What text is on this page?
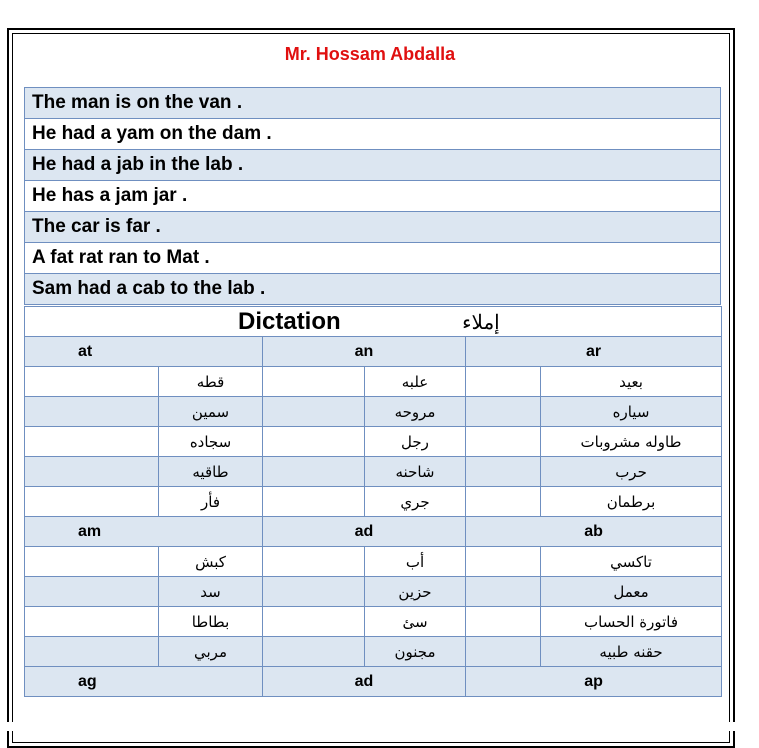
Mr. Hossam Abdalla
The man is on the van .
He had a yam on the dam .
He had a jab in the lab .
He has a jam jar .
The car is far .
A fat rat ran to Mat .
Sam had a cab to the lab .
Dictation إملاء					
at		an		ar	
	قطه		علبه		بعيد
	سمين		مروحه		سياره
	سجاده		رجل		طاوله مشروبات
	طاقيه		شاحنه		حرب
	فأر		جري		برطمان
am		ad		ab	
	كبش		أب		تاكسي
	سد		حزين		معمل
	بطاطا		سئ		فاتورة الحساب
	مربي		مجنون		حقنه طبيه
ag		ad		ap	
